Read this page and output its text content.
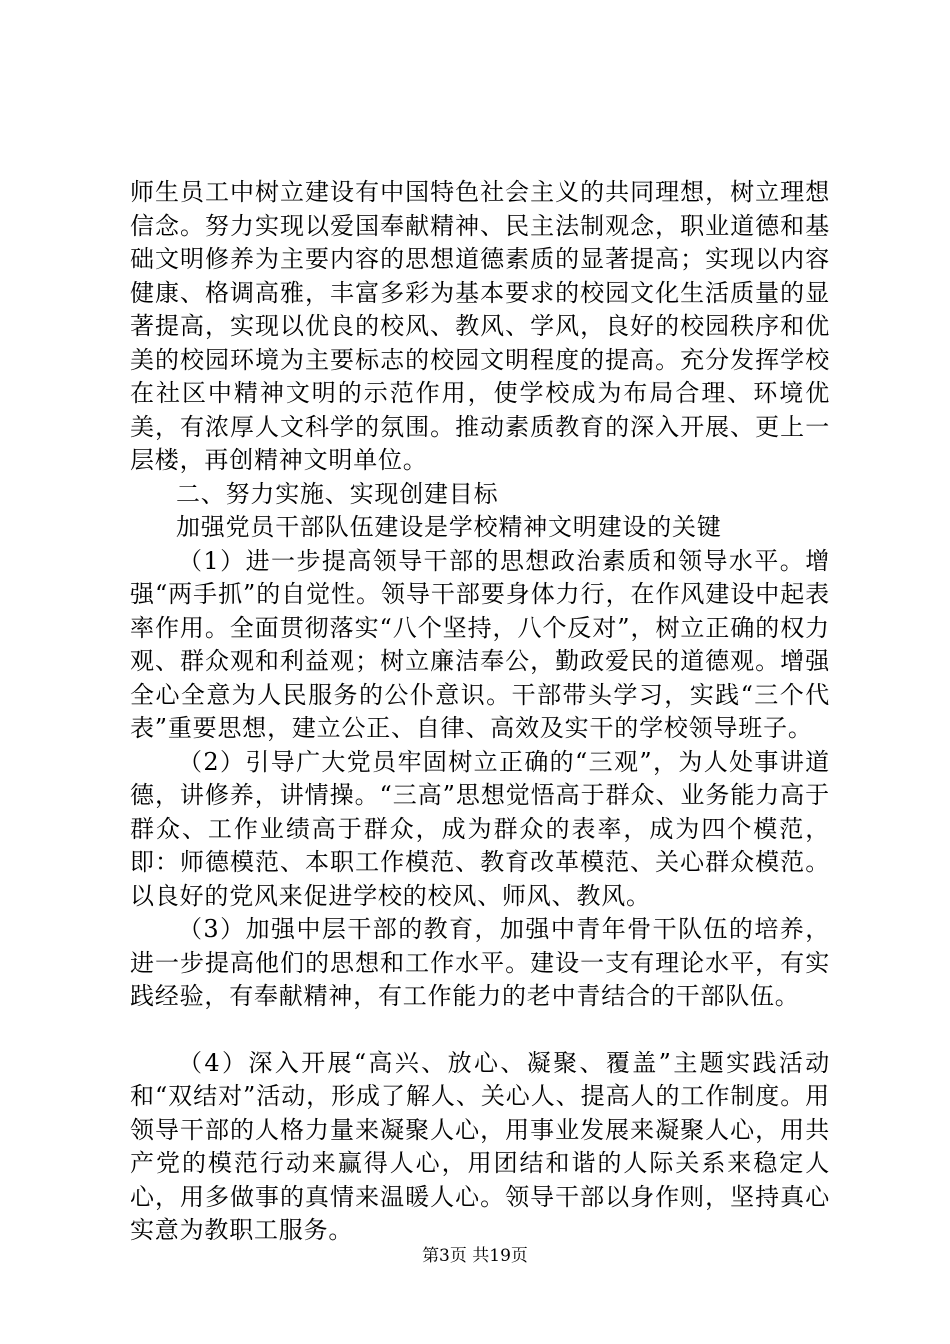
师生员工中树立建设有中国特色社会主义的共同理想，树立理想信念。努力实现以爱国奉献精神、民主法制观念，职业道德和基础文明修养为主要内容的思想道德素质的显著提高；实现以内容健康、格调高雅，丰富多彩为基本要求的校园文化生活质量的显著提高，实现以优良的校风、教风、学风，良好的校园秩序和优美的校园环境为主要标志的校园文明程度的提高。充分发挥学校在社区中精神文明的示范作用，使学校成为布局合理、环境优美，有浓厚人文科学的氛围。推动素质教育的深入开展、更上一层楼，再创精神文明单位。

二、努力实施、实现创建目标

加强党员干部队伍建设是学校精神文明建设的关键

（1）进一步提高领导干部的思想政治素质和领导水平。增强“两手抓”的自觉性。领导干部要身体力行，在作风建设中起表率作用。全面贯彻落实“八个坚持，八个反对”，树立正确的权力观、群众观和利益观；树立廉洁奉公，勤政爱民的道德观。增强全心全意为人民服务的公仆意识。干部带头学习，实践“三个代表”重要思想，建立公正、自律、高效及实干的学校领导班子。

（2）引导广大党员牢固树立正确的“三观”，为人处事讲道德，讲修养，讲情操。“三高”思想觉悟高于群众、业务能力高于群众、工作业绩高于群众，成为群众的表率，成为四个模范，即：师德模范、本职工作模范、教育改革模范、关心群众模范。以良好的党风来促进学校的校风、师风、教风。

（3）加强中层干部的教育，加强中青年骨干队伍的培养，进一步提高他们的思想和工作水平。建设一支有理论水平，有实践经验，有奉献精神，有工作能力的老中青结合的干部队伍。

（4）深入开展“高兴、放心、凝聚、覆盖”主题实践活动和“双结对”活动，形成了解人、关心人、提高人的工作制度。用领导干部的人格力量来凝聚人心，用事业发展来凝聚人心，用共产党的模范行动来赢得人心，用团结和谐的人际关系来稳定人心，用多做事的真情来温暖人心。领导干部以身作则，坚持真心实意为教职工服务。

第3页 共19页
